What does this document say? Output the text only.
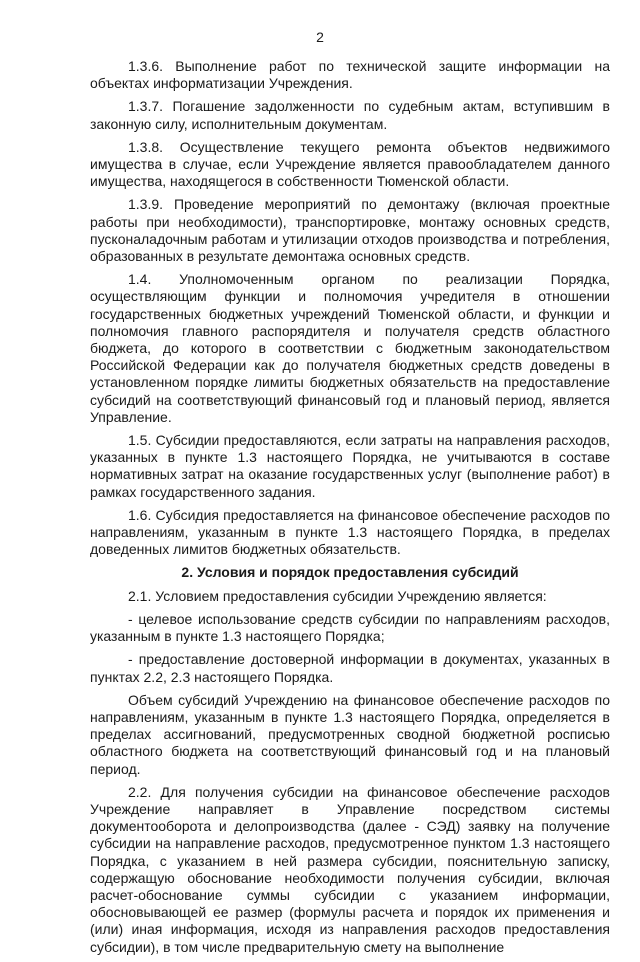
2

1.3.6. Выполнение работ по технической защите информации на объектах информатизации Учреждения.

1.3.7. Погашение задолженности по судебным актам, вступившим в законную силу, исполнительным документам.

1.3.8. Осуществление текущего ремонта объектов недвижимого имущества в случае, если Учреждение является правообладателем данного имущества, находящегося в собственности Тюменской области.

1.3.9. Проведение мероприятий по демонтажу (включая проектные работы при необходимости), транспортировке, монтажу основных средств, пусконаладочным работам и утилизации отходов производства и потребления, образованных в результате демонтажа основных средств.

1.4. Уполномоченным органом по реализации Порядка, осуществляющим функции и полномочия учредителя в отношении государственных бюджетных учреждений Тюменской области, и функции и полномочия главного распорядителя и получателя средств областного бюджета, до которого в соответствии с бюджетным законодательством Российской Федерации как до получателя бюджетных средств доведены в установленном порядке лимиты бюджетных обязательств на предоставление субсидий на соответствующий финансовый год и плановый период, является Управление.

1.5. Субсидии предоставляются, если затраты на направления расходов, указанных в пункте 1.3 настоящего Порядка, не учитываются в составе нормативных затрат на оказание государственных услуг (выполнение работ) в рамках государственного задания.

1.6. Субсидия предоставляется на финансовое обеспечение расходов по направлениям, указанным в пункте 1.3 настоящего Порядка, в пределах доведенных лимитов бюджетных обязательств.

2. Условия и порядок предоставления субсидий

2.1. Условием предоставления субсидии Учреждению является:

- целевое использование средств субсидии по направлениям расходов, указанным в пункте 1.3 настоящего Порядка;

- предоставление достоверной информации в документах, указанных в пунктах 2.2, 2.3 настоящего Порядка.

Объем субсидий Учреждению на финансовое обеспечение расходов по направлениям, указанным в пункте 1.3 настоящего Порядка, определяется в пределах ассигнований, предусмотренных сводной бюджетной росписью областного бюджета на соответствующий финансовый год и на плановый период.

2.2. Для получения субсидии на финансовое обеспечение расходов Учреждение направляет в Управление посредством системы документооборота и делопроизводства (далее - СЭД) заявку на получение субсидии на направление расходов, предусмотренное пунктом 1.3 настоящего Порядка, с указанием в ней размера субсидии, пояснительную записку, содержащую обоснование необходимости получения субсидии, включая расчет-обоснование суммы субсидии с указанием информации, обосновывающей ее размер (формулы расчета и порядок их применения и (или) иная информация, исходя из направления расходов предоставления субсидии), в том числе предварительную смету на выполнение
